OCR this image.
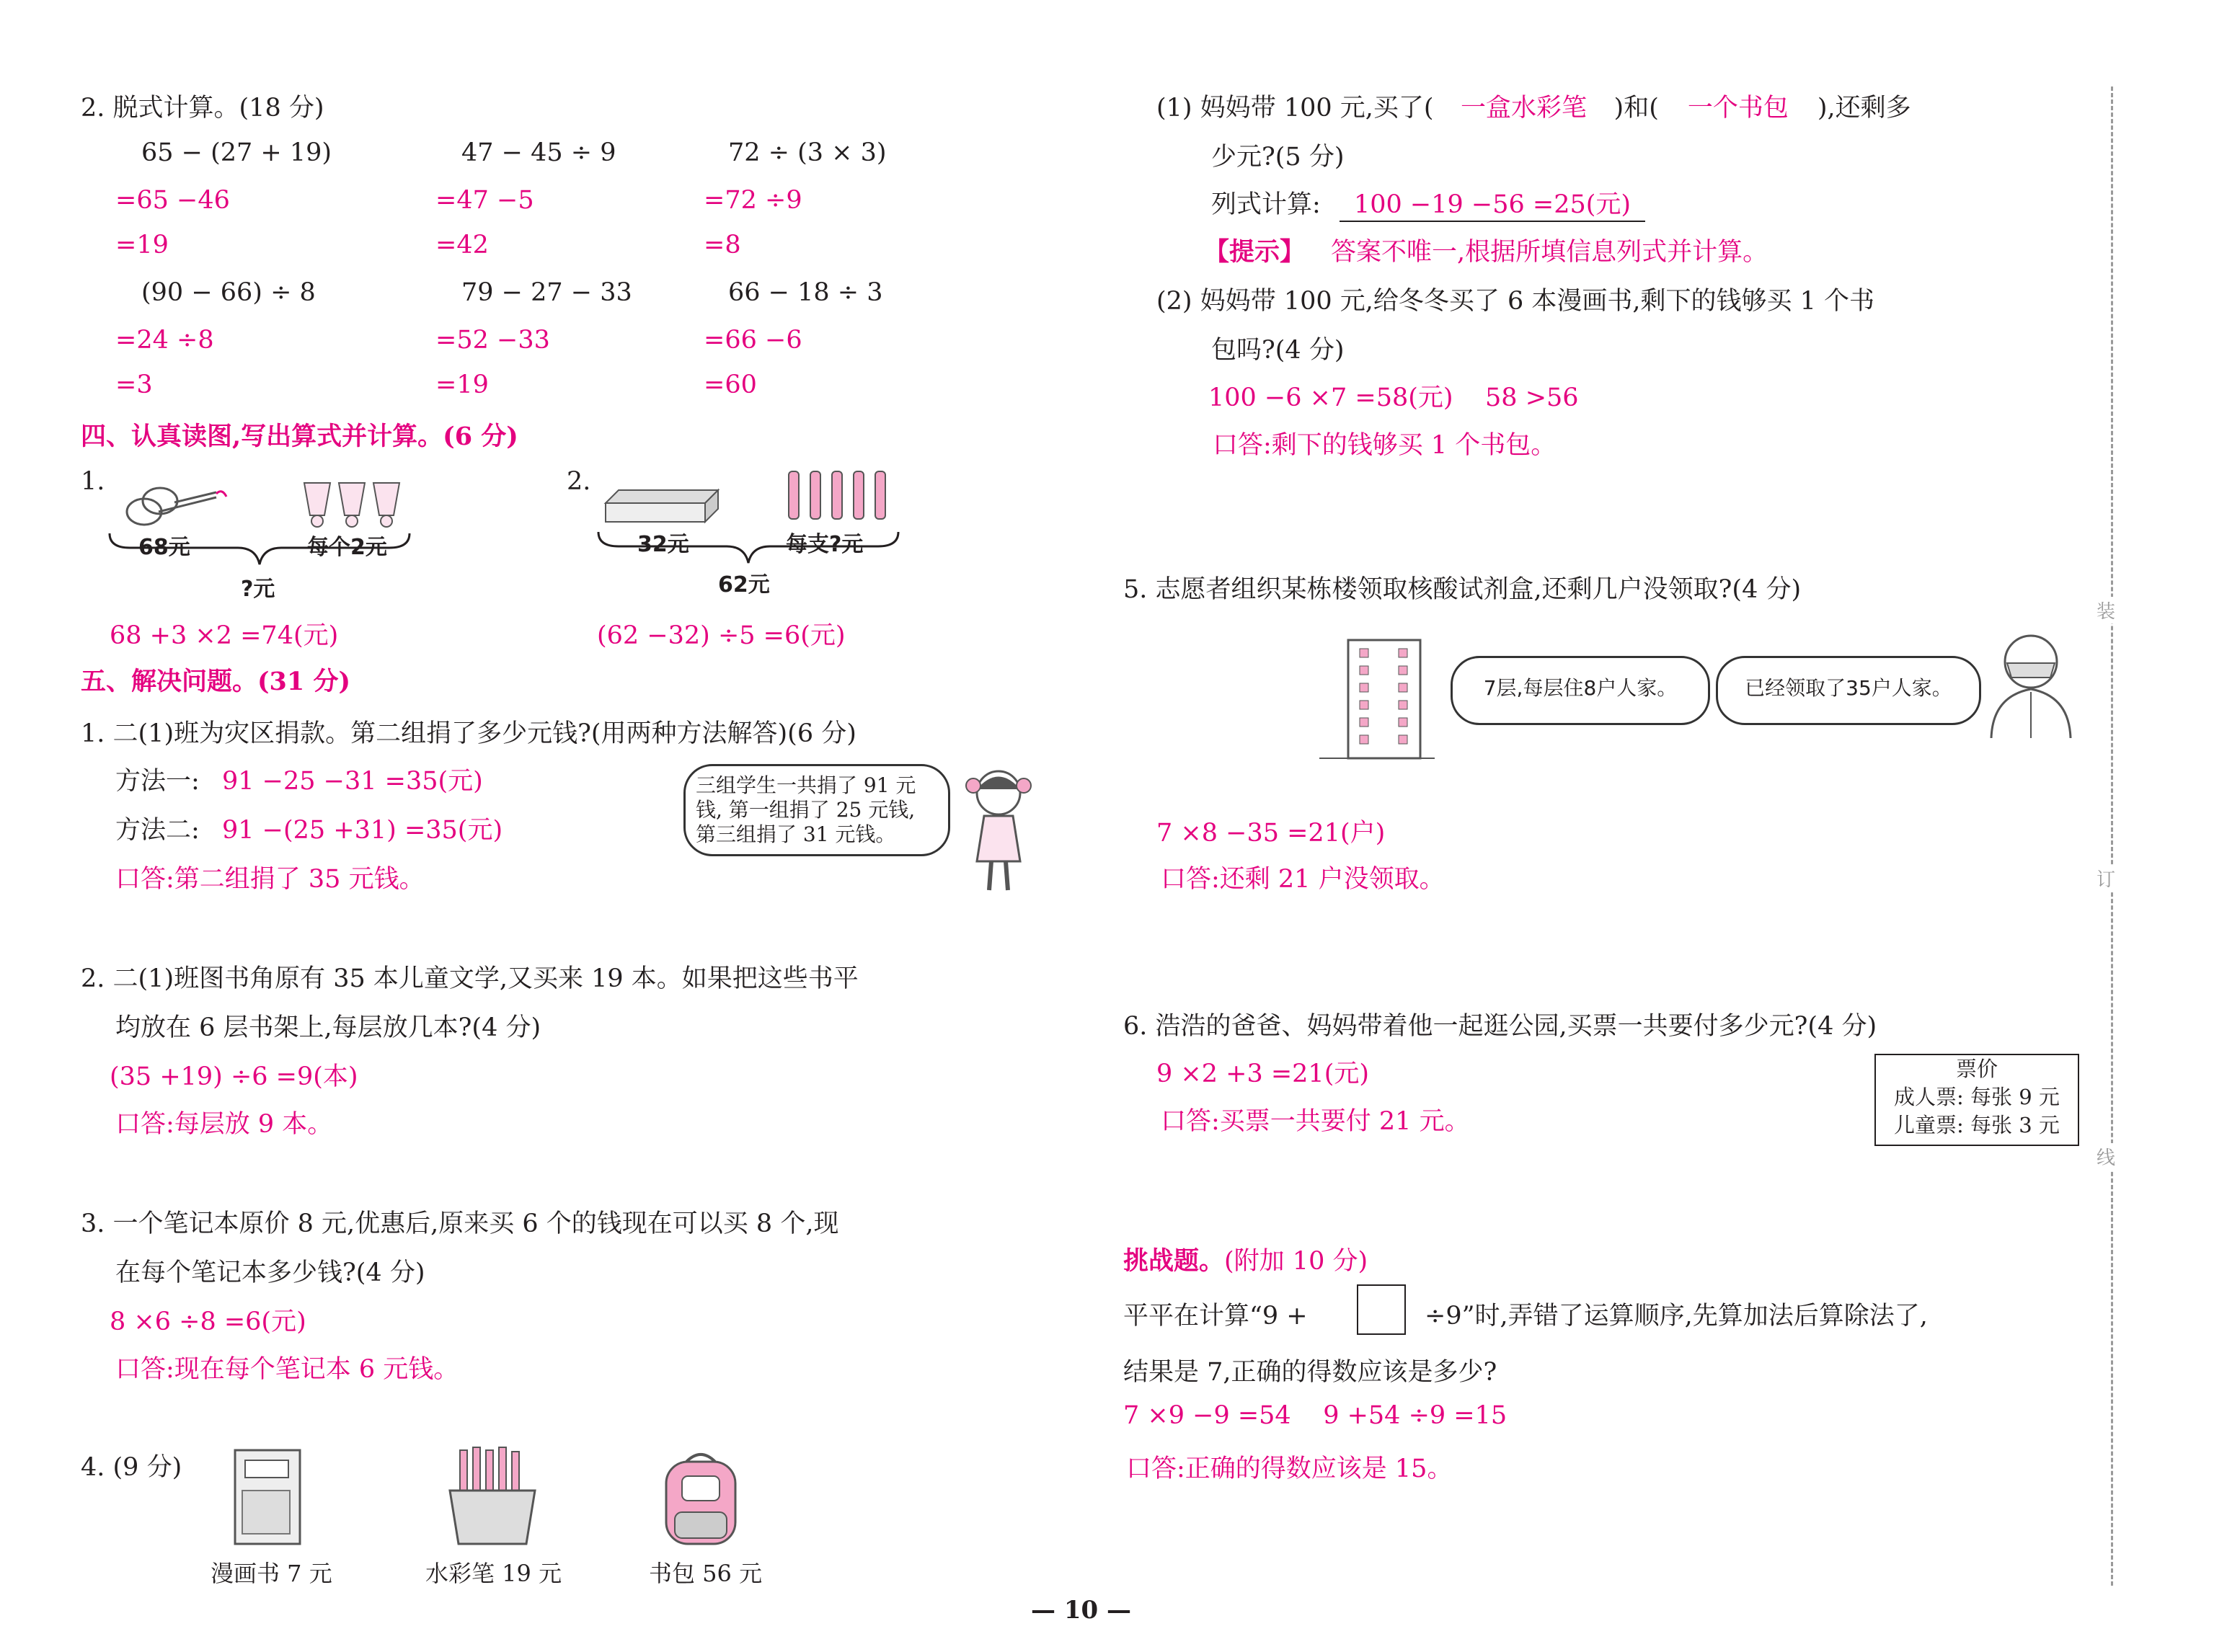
2. 脱式计算。(18 分)
65 − (27 + 19)
=65 −46
=19
47 − 45 ÷ 9
=47 −5
=42
72 ÷ (3 × 3)
=72 ÷9
=8
(90 − 66) ÷ 8
=24 ÷8
=3
79 − 27 − 33
=52 −33
=19
66 − 18 ÷ 3
=66 −6
=60
四、认真读图,写出算式并计算。(6 分)
1.
68元	每个2元
?元
68 +3 ×2 =74(元)
2.
32元	每支?元
62元
(62 −32) ÷5 =6(元)
五、解决问题。(31 分)
1. 二(1)班为灾区捐款。第二组捐了多少元钱?(用两种方法解答)(6 分)
方法一: 91 −25 −31 =35(元)
方法二: 91 −(25 +31) =35(元)
口答:第二组捐了 35 元钱。
三组学生一共捐了 91 元
钱, 第一组捐了 25 元钱,
第三组捐了 31 元钱。
2. 二(1)班图书角原有 35 本儿童文学,又买来 19 本。如果把这些书平
均放在 6 层书架上,每层放几本?(4 分)
(35 +19) ÷6 =9(本)
口答:每层放 9 本。
3. 一个笔记本原价 8 元,优惠后,原来买 6 个的钱现在可以买 8 个,现
在每个笔记本多少钱?(4 分)
8 ×6 ÷8 =6(元)
口答:现在每个笔记本 6 元钱。
4. (9 分)
漫画书 7 元	水彩笔 19 元	书包 56 元
(1) 妈妈带 100 元,买了( 一盒水彩笔 )和( 一个书包 ),还剩多
少元?(5 分)
列式计算:	100 −19 −56 =25(元)
【提示】 答案不唯一,根据所填信息列式并计算。
(2) 妈妈带 100 元,给冬冬买了 6 本漫画书,剩下的钱够买 1 个书
包吗?(4 分)
100 −6 ×7 =58(元)    58 >56
口答:剩下的钱够买 1 个书包。
5. 志愿者组织某栋楼领取核酸试剂盒,还剩几户没领取?(4 分)
7层,每层住8户人家。	已经领取了35户人家。
7 ×8 −35 =21(户)
口答:还剩 21 户没领取。
6. 浩浩的爸爸、妈妈带着他一起逛公园,买票一共要付多少元?(4 分)
9 ×2 +3 =21(元)
口答:买票一共要付 21 元。
票价
成人票: 每张 9 元
儿童票: 每张 3 元
挑战题。(附加 10 分)
平平在计算“9 +	÷9”时,弄错了运算顺序,先算加法后算除法了,
结果是 7,正确的得数应该是多少?
7 ×9 −9 =54    9 +54 ÷9 =15
口答:正确的得数应该是 15。
装
订
线
— 10 —
